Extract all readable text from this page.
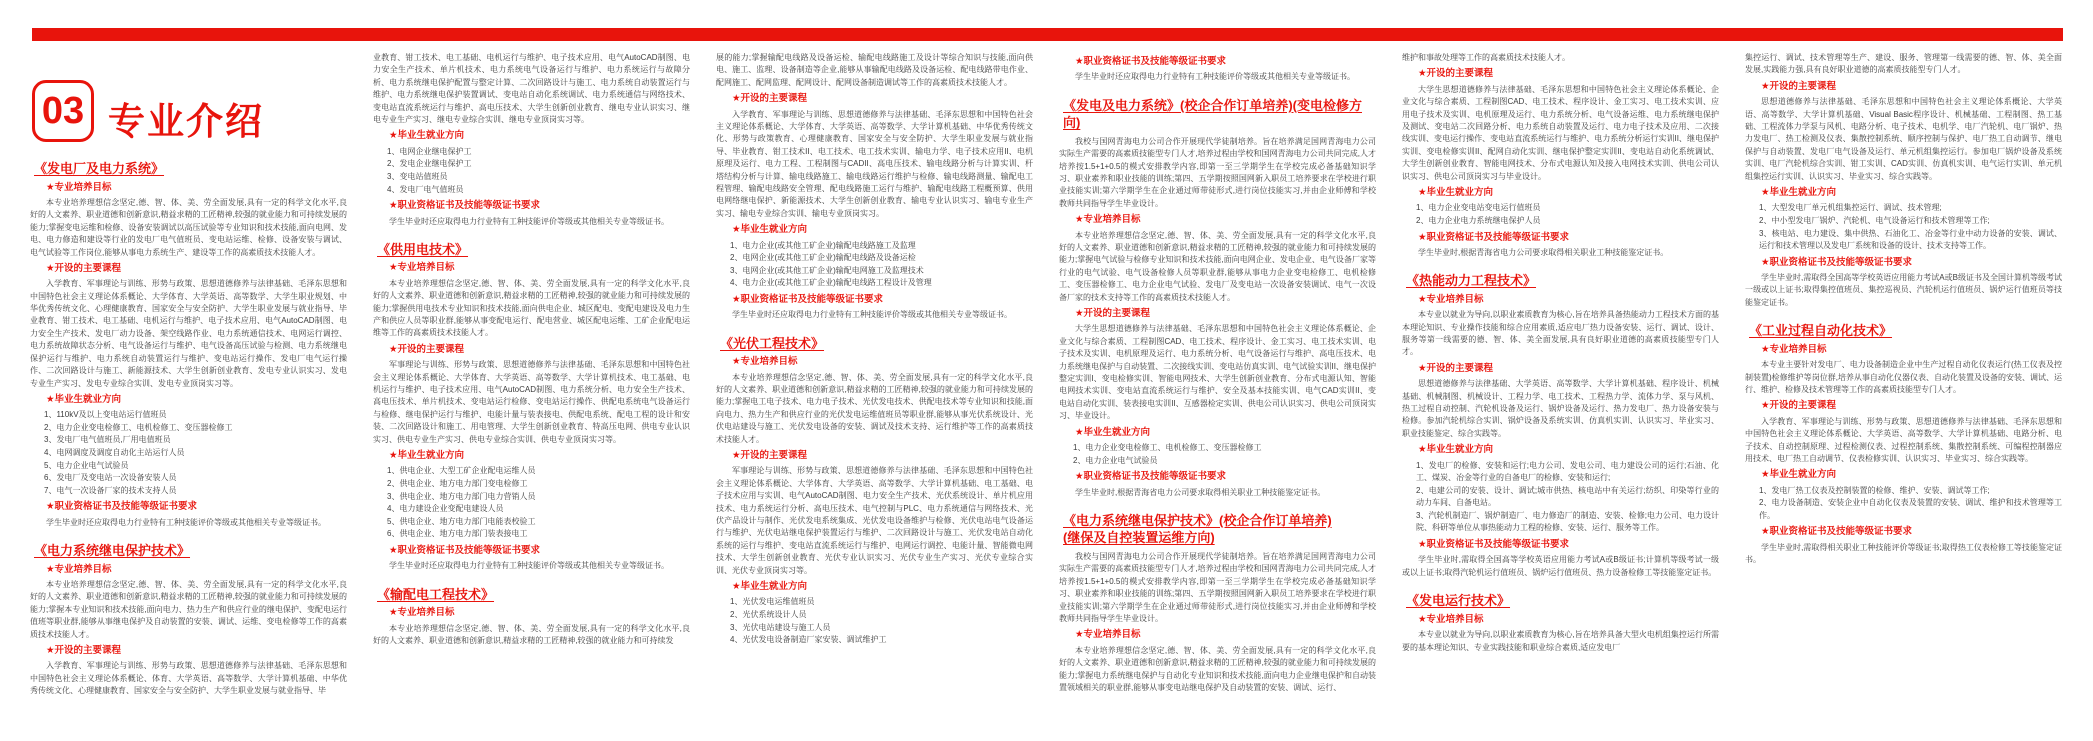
03 专业介绍
《发电厂及电力系统》
★专业培养目标

本专业培养理想信念坚定,德、智、体、美、劳全面发展,具有一定的科学文化水平,良好的人文素养、职业道德和创新意识,精益求精的工匠精神,较强的就业能力和可持续发展的能力;掌握变电运维和检修、设备安装调试以高压试验等专业知识和技术技能,面向电网、发电、电力修造和建设等行业的发电厂电气值班员、变电站运维、检修、设备安装与调试、电气试验等工作岗位,能够从事电力系统生产、建设等工作的高素质技术技能人才。

★开设的主要课程

入学教育、军事理论与训练、形势与政策、思想道德修养与法律基础、毛泽东思想和中国特色社会主义理论体系概论、大学体育、大学英语、高等数学、大学生职业规划、中华优秀传统文化、心理健康教育、国家安全与安全防护、大学生职业发展与就业指导、毕业教育、钳工技术、电工基础、电机运行与维护、电子技术应用、电气AutoCAD制图、电力安全生产技术、发电厂动力设备、架空线路作业、电力系统通信技术、电网运行调控、电力系统故障状态分析、电气设备运行与维护、电气设备高压试验与检测、电力系统继电保护运行与维护、电力系统自动装置运行与维护、变电站运行操作、发电厂电气运行操作、二次回路设计与施工、新能源技术、大学生创新创业教育、发电专业认识实习、发电专业生产实习、发电专业综合实训、发电专业顶岗实习等。

★毕业生就业方向
1、110kV及以上变电站运行值班员
2、电力企业变电检修工、电机检修工、变压器检修工
3、发电厂电气值班员,厂用电值班员
4、电网调度及调度自动化主站运行人员
5、电力企业电气试验员
6、发电厂及变电站一次设备安装人员
7、电气一次设备厂家的技术支持人员
★职业资格证书及技能等级证书要求

学生毕业时还应取得电力行业特有工种技能评价等级或其他相关专业等级证书。

《电力系统继电保护技术》
★专业培养目标

本专业培养理想信念坚定,德、智、体、美、劳全面发展,具有一定的科学文化水平,良好的人文素养、职业道德和创新意识,精益求精的工匠精神,较强的就业能力和可持续发展的能力;掌握本专业知识和技术技能,面向电力、热力生产和供应行业的继电保护、变配电运行值班等职业群,能够从事继电保护及自动装置的安装、调试、运维、变电检修等工作的高素质技术技能人才。

★开设的主要课程

入学教育、军事理论与训练、形势与政策、思想道德修养与法律基础、毛泽东思想和中国特色社会主义理论体系概论、体育、大学英语、高等数学、大学计算机基础、中华优秀传统文化、心理健康教育、国家安全与安全防护、大学生职业发展与就业指导、毕

业教育、钳工技术、电工基础、电机运行与维护、电子技术应用、电气AutoCAD制图、电力安全生产技术、单片机技术、电力系统电气设备运行与维护、电力系统运行与故障分析、电力系统继电保护配置与整定计算、二次回路设计与施工、电力系统自动装置运行与维护、电力系统继电保护装置调试、变电站自动化系统调试、电力系统通信与网络技术、变电站直流系统运行与维护、高电压技术、大学生创新创业教育、继电专业认识实习、继电专业生产实习、继电专业综合实训、继电专业顶岗实习等。

★毕业生就业方向
1、电网企业继电保护工
2、发电企业继电保护工
3、变电站值班员
4、发电厂电气值班员
★职业资格证书及技能等级证书要求

学生毕业时还应取得电力行业特有工种技能评价等级或其他相关专业等级证书。

《供用电技术》
★专业培养目标

本专业培养理想信念坚定,德、智、体、美、劳全面发展,具有一定的科学文化水平,良好的人文素养、职业道德和创新意识,精益求精的工匠精神,较强的就业能力和可持续发展的能力;掌握供用电技术专业知识和技术技能,面向供电企业、城区配电、变配电建设及电力生产和供应人员等职业群,能够从事变配电运行、配电营业、城区配电运维、工矿企业配电运维等工作的高素质技术技能人才。

★开设的主要课程

军事理论与训练、形势与政策、思想道德修养与法律基础、毛泽东思想和中国特色社会主义理论体系概论、大学体育、大学英语、高等数学、大学计算机技术、电工基础、电机运行与维护、电子技术应用、电气AutoCAD制图、电力系统分析、电力安全生产技术、高电压技术、单片机技术、变电站运行检修、变电站运行操作、供配电系统电气设备运行与检修、继电保护运行与维护、电能计量与装表接电、供配电系统、配电工程的设计和安装、二次回路设计和施工、用电管理、大学生创新创业教育、特高压电网、供电专业认识实习、供电专业生产实习、供电专业综合实训、供电专业顶岗实习等。

★毕业生就业方向
1、供电企业、大型工矿企业配电运维人员
2、供电企业、地方电力部门变电检修工
3、供电企业、地方电力部门电力营销人员
4、电力建设企业变配电建设人员
5、供电企业、地方电力部门电能表校验工
6、供电企业、地方电力部门装表接电工
★职业资格证书及技能等级证书要求

学生毕业时还应取得电力行业特有工种技能评价等级或其他相关专业等级证书。

《输配电工程技术》
★专业培养目标

本专业培养理想信念坚定,德、智、体、美、劳全面发展,具有一定的科学文化水平,良好的人文素养、职业道德和创新意识,精益求精的工匠精神,较强的就业能力和可持续发

展的能力;掌握输配电线路及设备运检、输配电线路施工及设计等综合知识与技能,面向供电、施工、监理、设备制造等企业,能够从事输配电线路及设备运检、配电线路带电作业、配网施工、配网监理、配网设计、配网设备制造调试等工作的高素质技术技能人才。

★开设的主要课程

入学教育、军事理论与训练、思想道德修养与法律基础、毛泽东思想和中国特色社会主义理论体系概论、大学体育、大学英语、高等数学、大学计算机基础、中华优秀传统文化、形势与政策教育、心理健康教育、国家安全与安全防护、大学生职业发展与就业指导、毕业教育、钳工技术II、电工技术、电工技术实训、输电力学、电子技术应用II、电机原理及运行、电力工程、工程制图与CADII、高电压技术、输电线路分析与计算实训、杆塔结构分析与计算、输电线路施工、输电线路运行维护与检修、输电线路测量、输配电工程管理、输配电线路安全管理、配电线路施工运行与维护、输配电线路工程概预算、供用电网络继电保护、新能源技术、大学生创新创业教育、输电专业认识实习、输电专业生产实习、输电专业综合实训、输电专业顶岗实习。

★毕业生就业方向
1、电力企业(或其他工矿企业)输配电线路施工及监理
2、电网企业(或其他工矿企业)输配电线路及设备运检
3、电网企业(或其他工矿企业)输配电网施工及监理技术
4、电力企业(或其他工矿企业)输配电线路工程设计及管理
★职业资格证书及技能等级证书要求

学生毕业时还应取得电力行业特有工种技能评价等级或其他相关专业等级证书。

《光伏工程技术》
★专业培养目标

本专业培养理想信念坚定,德、智、体、美、劳全面发展,具有一定的科学文化水平,良好的人文素养、职业道德和创新意识,精益求精的工匠精神,较强的就业能力和可持续发展的能力;掌握电工电子技术、电力电子技术、光伏发电技术、供配电技术等专业知识和技能,面向电力、热力生产和供应行业的光伏发电运维值班员等职业群,能够从事光伏系统设计、光伏电站建设与施工、光伏发电设备的安装、调试及技术支持、运行维护等工作的高素质技术技能人才。

★开设的主要课程

军事理论与训练、形势与政策、思想道德修养与法律基础、毛泽东思想和中国特色社会主义理论体系概论、大学体育、大学英语、高等数学、大学计算机基础、电工基础、电子技术应用与实训、电气AutoCAD制图、电力安全生产技术、光伏系统设计、单片机应用技术、电力系统运行分析、高电压技术、电气控制与PLC、电力系统通信与网络技术、光伏产品设计与制作、光伏发电系统集成、光伏发电设备维护与检修、光伏电站电气设备运行与维护、光伏电站继电保护装置运行与维护、二次回路设计与施工、光伏发电站自动化系统的运行与维护、变电站直流系统运行与维护、电网运行调控、电能计量、智能微电网技术、大学生创新创业教育、光伏专业认识实习、光伏专业生产实习、光伏专业综合实训、光伏专业顶岗实习等。

★毕业生就业方向
1、光伏发电运维值班员
2、光伏系统设计人员
3、光伏电站建设与施工人员
4、光伏发电设备制造厂家安装、调试维护工
★职业资格证书及技能等级证书要求

学生毕业时还应取得电力行业特有工种技能评价等级或其他相关专业等级证书。

《发电及电力系统》(校企合作订单培养)(变电检修方向)

我校与国网青海电力公司合作开展现代学徒制培养。旨在培养满足国网青海电力公司实际生产需要的高素质技能型专门人才,培养过程由学校和国网青海电力公司共同完成,人才培养按1.5+1+0.5的模式安排教学内容,即第一至三学期学生在学校完成必备基础知识学习、职业素养和职业技能的训练;第四、五学期按照国网新入职员工培养要求在学校进行职业技能实训;第六学期学生在企业通过师带徒形式,进行岗位技能实习,并由企业师傅和学校教师共同指导学生毕业设计。

★专业培养目标

本专业培养理想信念坚定,德、智、体、美、劳全面发展,具有一定的科学文化水平,良好的人文素养、职业道德和创新意识,精益求精的工匠精神,较强的就业能力和可持续发展的能力;掌握电气试验与检修专业知识和技术技能,面向电网企业、发电企业、电气设备厂家等行业的电气试验、电气设备检修人员等职业群,能够从事电力企业变电检修工、电机检修工、变压器检修工、电力企业电气试验、发电厂及变电站一次设备安装调试、电气一次设备厂家的技术支持等工作的高素质技术技能人才。

★开设的主要课程

大学生思想道德修养与法律基础、毛泽东思想和中国特色社会主义理论体系概论、企业文化与综合素质、工程制图CAD、电工技术、程序设计、金工实习、电工技术实训、电子技术及实训、电机原理及运行、电力系统分析、电气设备运行与维护、高电压技术、电力系统继电保护与自动装置、二次接线实训、变电站仿真实训、电气试验实训II、继电保护整定实训I、变电检修实训、智能电网技术、大学生创新创业教育、分布式电源认知、智能电网技术实训、变电站直流系统运行与维护、安全及基本技能实训、电气CAD实训II、变电站自动化实训、装表接电实训II、互感器检定实训、供电公司认识实习、供电公司顶岗实习、毕业设计。

★毕业生就业方向
1、电力企业变电检修工、电机检修工、变压器检修工
2、电力企业电气试验员
★职业资格证书及技能等级证书要求

学生毕业时,根据青海省电力公司要求取得相关职业工种技能鉴定证书。

《电力系统继电保护技术》(校企合作订单培养)
(继保及自控装置运维方向)

我校与国网青海电力公司合作开展现代学徒制培养。旨在培养满足国网青海电力公司实际生产需要的高素质技能型专门人才,培养过程由学校和国网青海电力公司共同完成,人才培养按1.5+1+0.5的模式安排教学内容,即第一至三学期学生在学校完成必备基础知识学习、职业素养和职业技能的训练;第四、五学期按照国网新入职员工培养要求在学校进行职业技能实训;第六学期学生在企业通过师带徒形式,进行岗位技能实习,并由企业师傅和学校教师共同指导学生毕业设计。

★专业培养目标

本专业培养理想信念坚定,德、智、体、美、劳全面发展,具有一定的科学文化水平,良好的人文素养、职业道德和创新意识,精益求精的工匠精神,较强的就业能力和可持续发展的能力;掌握电力系统继电保护与自动化专业知识和技术技能,面向电力企业继电保护和自动装置领域相关的职业群,能够从事变电站继电保护及自动装置的安装、调试、运行、

维护和事故处理等工作的高素质技术技能人才。

★开设的主要课程

大学生思想道德修养与法律基础、毛泽东思想和中国特色社会主义理论体系概论、企业文化与综合素质、工程制图CAD、电工技术、程序设计、金工实习、电工技术实训、应用电子技术及实训、电机原理及运行、电力系统分析、电气设备运维、电力系统继电保护及测试、变电站二次回路分析、电力系统自动装置及运行、电力电子技术及应用、二次接线实训、变电运行操作、变电站直流系统运行与维护、电力系统分析运行实训II、继电保护实训、变电检修实训II、配网自动化实训、继电保护整定实训II、变电站自动化系统调试、大学生创新创业教育、智能电网技术、分布式电源认知及接入电网技术实训、供电公司认识实习、供电公司顶岗实习与毕业设计。

★毕业生就业方向
1、电力企业变电站变电运行值班员
2、电力企业电力系统继电保护人员
★职业资格证书及技能等级证书要求

学生毕业时,根据青海省电力公司要求取得相关职业工种技能鉴定证书。

《热能动力工程技术》
★专业培养目标

本专业以就业为导向,以职业素质教育为核心,旨在培养具备热能动力工程技术方面的基本理论知识、专业操作技能和综合应用素质,适应电厂热力设备安装、运行、调试、设计、服务等第一线需要的德、智、体、美全面发展,具有良好职业道德的高素质技能型专门人才。

★开设的主要课程

思想道德修养与法律基础、大学英语、高等数学、大学计算机基础、程序设计、机械基础、机械制图、机械设计、工程力学、电工技术、工程热力学、流体力学、泵与风机、热工过程自动控制、汽轮机设备及运行、锅炉设备及运行、热力发电厂、热力设备安装与检修。参加汽轮机综合实训、锅炉设备及系统实训、仿真机实训、认识实习、毕业实习、职业技能鉴定、综合实践等。

★毕业生就业方向
1、发电厂的检修、安装和运行;电力公司、发电公司、电力建设公司的运行;石油、化工、煤炭、冶金等行业的自备电厂的检修、安装和运行;
2、电建公司的安装、设计、调试;城市供热、核电站中有关运行;纺织、印染等行业的动力车间、自备电站。
3、汽轮机制造厂、锅炉制造厂、电力修造厂的制造、安装、检修;电力公司、电力设计院、科研等单位从事热能动力工程的检修、安装、运行、服务等工作。
★职业资格证书及技能等级证书要求

学生毕业时,需取得全国高等学校英语应用能力考试A或B级证书;计算机等级考试一级或以上证书;取得汽轮机运行值班员、锅炉运行值班员、热力设备检修工等技能鉴定证书。

《发电运行技术》
★专业培养目标

本专业以就业为导向,以职业素质教育为核心,旨在培养具备大型火电机组集控运行所需要的基本理论知识、专业实践技能和职业综合素质,适应发电厂

集控运行、调试、技术管理等生产、建设、服务、管理第一线需要的德、智、体、美全面发展,实践能力强,具有良好职业道德的高素质技能型专门人才。

★开设的主要课程

思想道德修养与法律基础、毛泽东思想和中国特色社会主义理论体系概论、大学英语、高等数学、大学计算机基础、Visual Basic程序设计、机械基础、工程制图、热工基础、工程流体力学泵与风机、电路分析、电子技术、电机学、电厂汽轮机、电厂锅炉、热力发电厂、热工检测及仪表、集散控制系统、顺序控制与保护、电厂热工自动调节、继电保护与自动装置、发电厂电气设备及运行、单元机组集控运行。参加电厂锅炉设备及系统实训、电厂汽轮机综合实训、钳工实训、CAD实训、仿真机实训、电气运行实训、单元机组集控运行实训、认识实习、毕业实习、综合实践等。

★毕业生就业方向
1、大型发电厂单元机组集控运行、调试、技术管理;
2、中小型发电厂锅炉、汽轮机、电气设备运行和技术管理等工作;
3、核电站、电力建设、集中供热、石油化工、冶金等行业中动力设备的安装、调试、运行和技术管理以及发电厂系统和设备的设计、技术支持等工作。
★职业资格证书及技能等级证书要求

学生毕业时,需取得全国高等学校英语应用能力考试A或B级证书及全国计算机等级考试一级或以上证书;取得集控值班员、集控巡视员、汽轮机运行值班员、锅炉运行值班员等技能鉴定证书。

《工业过程自动化技术》
★专业培养目标

本专业主要针对发电厂、电力设备制造企业中生产过程自动化仪表运行(热工仪表及控制装置)检修维护等岗位群,培养从事自动化仪器仪表、自动化装置及设备的安装、调试、运行、维护、检修及技术管理等工作的高素质技能型专门人才。

★开设的主要课程

入学教育、军事理论与训练、形势与政策、思想道德修养与法律基础、毛泽东思想和中国特色社会主义理论体系概论、大学英语、高等数学、大学计算机基础、电路分析、电子技术、自动控制原理、过程检测仪表、过程控制系统、集散控制系统、可编程控制器应用技术、电厂热工自动调节、仪表检修实训、认识实习、毕业实习、综合实践等。

★毕业生就业方向
1、发电厂热工仪表及控制装置的检修、维护、安装、调试等工作;
2、电力设备制造、安装企业中自动化仪表及装置的安装、调试、维护和技术管理等工作。
★职业资格证书及技能等级证书要求

学生毕业时,需取得相关职业工种技能评价等级证书;取得热工仪表检修工等技能鉴定证书。
